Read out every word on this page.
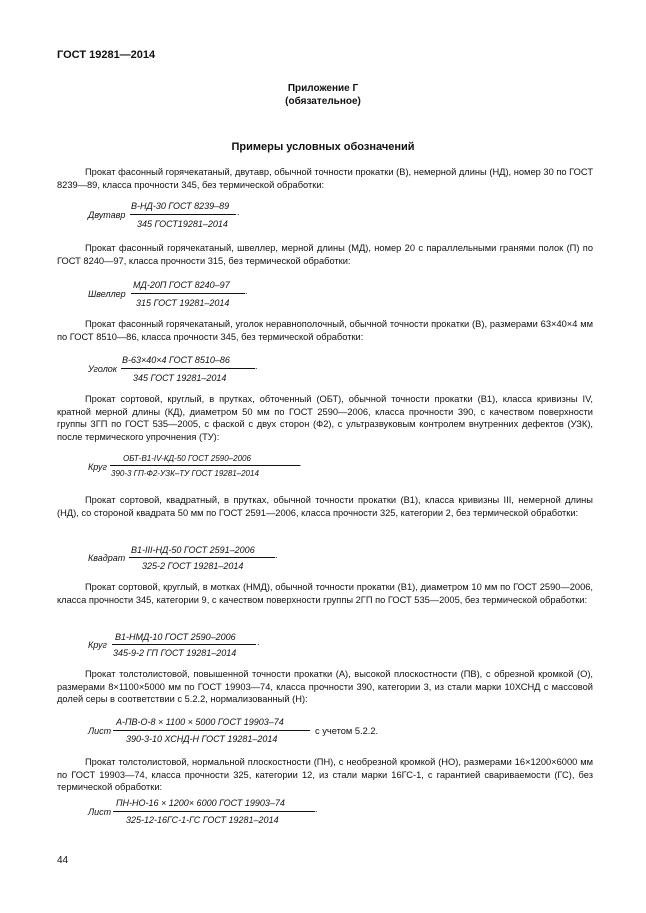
ГОСТ 19281—2014
Приложение Г
(обязательное)
Примеры условных обозначений

Прокат фасонный горячекатаный, двутавр, обычной точности прокатки (В), немерной длины (НД), номер 30 по ГОСТ 8239—89, класса прочности 345, без термической обработки:

Двутавр
В-НД-30 ГОСТ 8239–89
345 ГОСТ19281–2014
.

Прокат фасонный горячекатаный, швеллер, мерной длины (МД), номер 20 с параллельными гранями полок (П) по ГОСТ 8240—97, класса прочности 315, без термической обработки:

Швеллер
МД-20П ГОСТ 8240–97
315 ГОСТ 19281–2014
.

Прокат фасонный горячекатаный, уголок неравнополочный, обычной точности прокатки (В), размерами 63×40×4 мм по ГОСТ 8510—86, класса прочности 345, без термической обработки:

Уголок
В-63×40×4 ГОСТ 8510–86
345 ГОСТ 19281–2014
.

Прокат сортовой, круглый, в прутках, обточенный (ОБТ), обычной точности прокатки (В1), класса кривизны IV, кратной мерной длины (КД), диаметром 50 мм по ГОСТ 2590—2006, класса прочности 390, с качеством поверхности группы 3ГП по ГОСТ 535—2005, с фаской с двух сторон (Ф2), с ультразвуковым контролем внутренних дефектов (УЗК), после термического упрочнения (ТУ):

Круг
ОБТ-В1-IV-КД-50 ГОСТ 2590–2006
390-3 ГП-Ф2-УЗК–ТУ ГОСТ 19281–2014
.

Прокат сортовой, квадратный, в прутках, обычной точности прокатки (В1), класса кривизны III, немерной длины (НД), со стороной квадрата 50 мм по ГОСТ 2591—2006, класса прочности 325, категории 2, без термической обработки:

Квадрат
В1-III-НД-50 ГОСТ 2591–2006
325-2 ГОСТ 19281–2014
.

Прокат сортовой, круглый, в мотках (НМД), обычной точности прокатки (В1), диаметром 10 мм по ГОСТ 2590—2006, класса прочности 345, категории 9, с качеством поверхности группы 2ГП по ГОСТ 535—2005, без термической обработки:

Круг
В1-НМД-10 ГОСТ 2590–2006
345-9-2 ГП ГОСТ 19281–2014
.

Прокат толстолистовой, повышенной точности прокатки (А), высокой плоскостности (ПВ), с обрезной кромкой (О), размерами 8×1100×5000 мм по ГОСТ 19903—74, класса прочности 390, категории 3, из стали марки 10ХСНД с массовой долей серы в соответствии с 5.2.2, нормализованный (Н):

Лист
А-ПВ-О-8 × 1100 × 5000 ГОСТ 19903–74
390-3-10 ХСНД-Н ГОСТ 19281–2014
с учетом 5.2.2.

Прокат толстолистовой, нормальной плоскостности (ПН), с необрезной кромкой (НО), размерами 16×1200×6000 мм по ГОСТ 19903—74, класса прочности 325, категории 12, из стали марки 16ГС-1, с гарантией свариваемости (ГС), без термической обработки:

Лист
ПН-НО-16 × 1200× 6000 ГОСТ 19903–74
325-12-16ГС-1-ГС ГОСТ 19281–2014
.
44
